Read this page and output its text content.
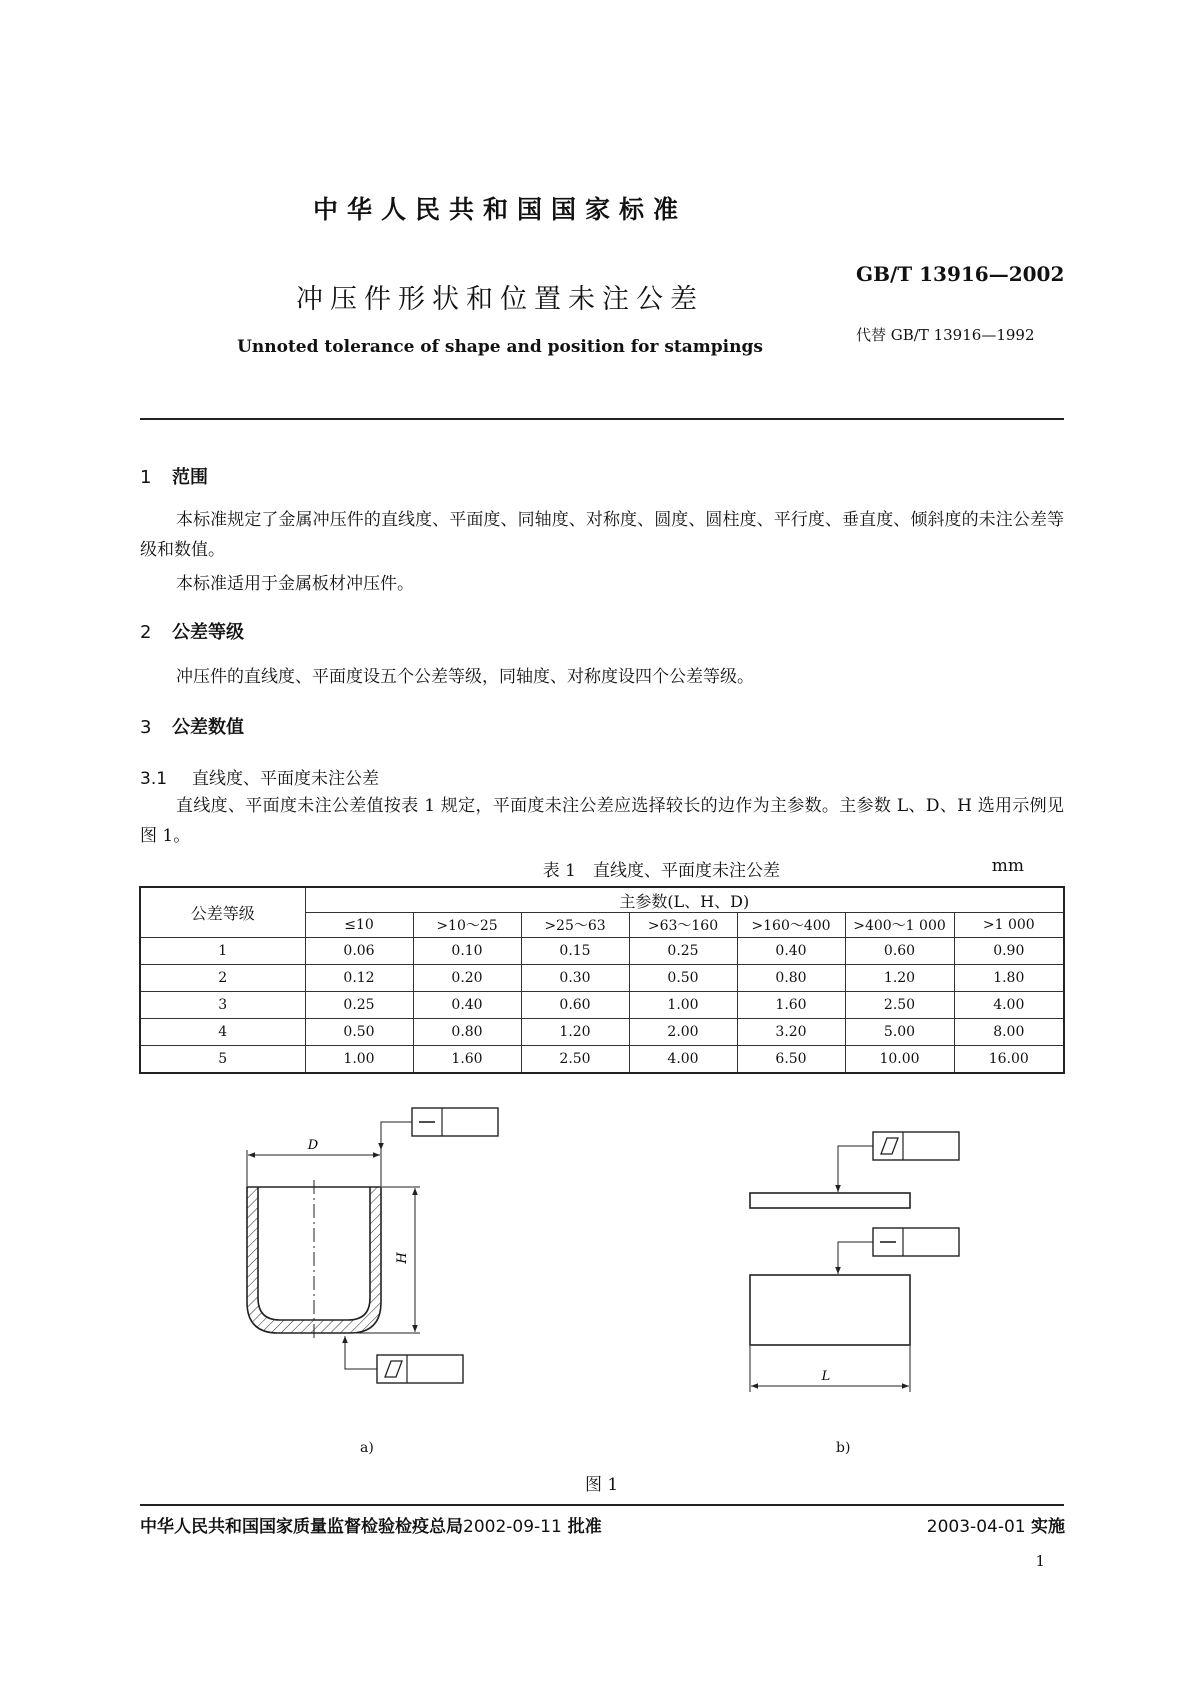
中华人民共和国国家标准
冲压件形状和位置未注公差
Unnoted tolerance of shape and position for stampings
GB/T 13916—2002
代替 GB/T 13916—1992
1 范围
本标准规定了金属冲压件的直线度、平面度、同轴度、对称度、圆度、圆柱度、平行度、垂直度、倾斜度的未注公差等级和数值。
本标准适用于金属板材冲压件。
2 公差等级
冲压件的直线度、平面度设五个公差等级，同轴度、对称度设四个公差等级。
3 公差数值
3.1 直线度、平面度未注公差
直线度、平面度未注公差值按表 1 规定，平面度未注公差应选择较长的边作为主参数。主参数 L、D、H 选用示例见图 1。
表 1　直线度、平面度未注公差	mm
公差等级	主参数(L、H、D)						
	≤10	>10～25	>25～63	>63～160	>160～400	>400～1 000	>1 000
1	0.06	0.10	0.15	0.25	0.40	0.60	0.90
2	0.12	0.20	0.30	0.50	0.80	1.20	1.80
3	0.25	0.40	0.60	1.00	1.60	2.50	4.00
4	0.50	0.80	1.20	2.00	3.20	5.00	8.00
5	1.00	1.60	2.50	4.00	6.50	10.00	16.00
D
H
L
a)	b)
图 1
中华人民共和国国家质量监督检验检疫总局2002-09-11 批准	2003-04-01 实施
1
